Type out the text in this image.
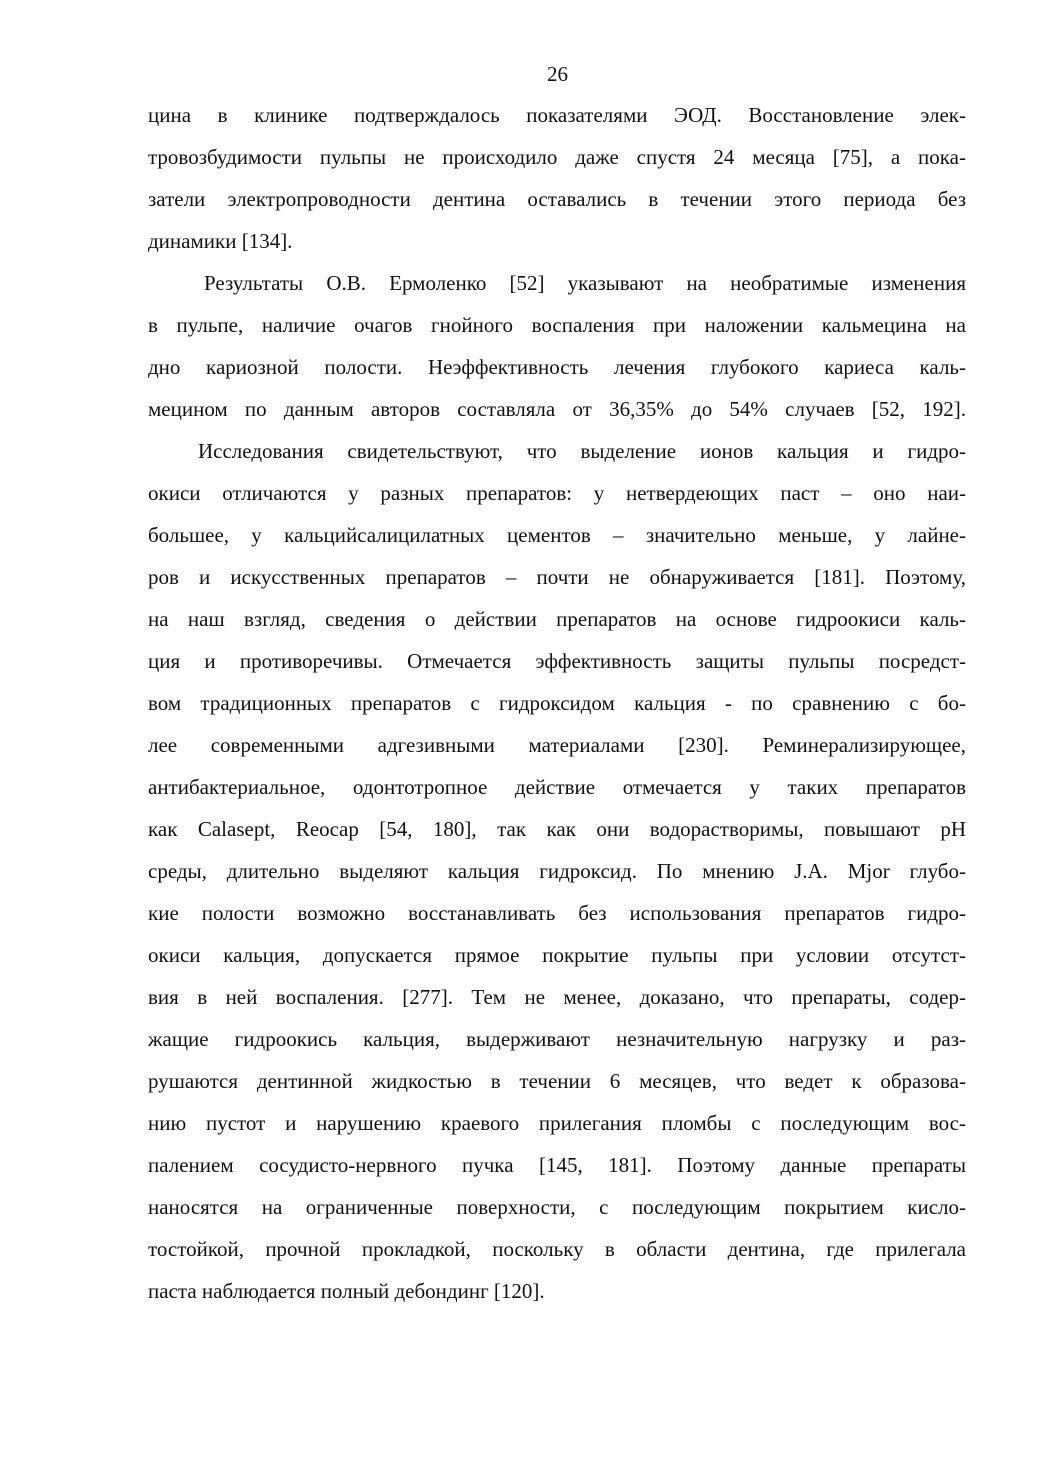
26
цина в клинике подтверждалось показателями ЭОД. Восстановление элек-
тровозбудимости пульпы не происходило даже спустя 24 месяца [75], а пока-
затели электропроводности дентина оставались в течении этого периода без
динамики [134].
Результаты О.В. Ермоленко [52] указывают на необратимые изменения
в пульпе, наличие очагов гнойного воспаления при наложении кальмецина на
дно кариозной полости. Неэффективность лечения глубокого кариеса каль-
мецином по данным авторов составляла от 36,35% до 54% случаев [52, 192].
Исследования свидетельствуют, что выделение ионов кальция и гидро-
окиси отличаются у разных препаратов: у нетвердеющих паст – оно наи-
большее, у кальцийсалицилатных цементов – значительно меньше, у лайне-
ров и искусственных препаратов – почти не обнаруживается [181]. Поэтому,
на наш взгляд, сведения о действии препаратов на основе гидроокиси каль-
ция и противоречивы. Отмечается эффективность защиты пульпы посредст-
вом традиционных препаратов с гидроксидом кальция - по сравнению с бо-
лее современными адгезивными материалами [230]. Реминерализирующее,
антибактериальное, одонтотропное действие отмечается у таких препаратов
как Calasept, Reocap [54, 180], так как они водорастворимы, повышают pH
среды, длительно выделяют кальция гидроксид. По мнению J.A. Mjor глубо-
кие полости возможно восстанавливать без использования препаратов гидро-
окиси кальция, допускается прямое покрытие пульпы при условии отсутст-
вия в ней воспаления. [277]. Тем не менее, доказано, что препараты, содер-
жащие гидроокись кальция, выдерживают незначительную нагрузку и раз-
рушаются дентинной жидкостью в течении 6 месяцев, что ведет к образова-
нию пустот и нарушению краевого прилегания пломбы с последующим вос-
палением сосудисто-нервного пучка [145, 181]. Поэтому данные препараты
наносятся на ограниченные поверхности, с последующим покрытием кисло-
тостойкой, прочной прокладкой, поскольку в области дентина, где прилегала
паста наблюдается полный дебондинг [120].
